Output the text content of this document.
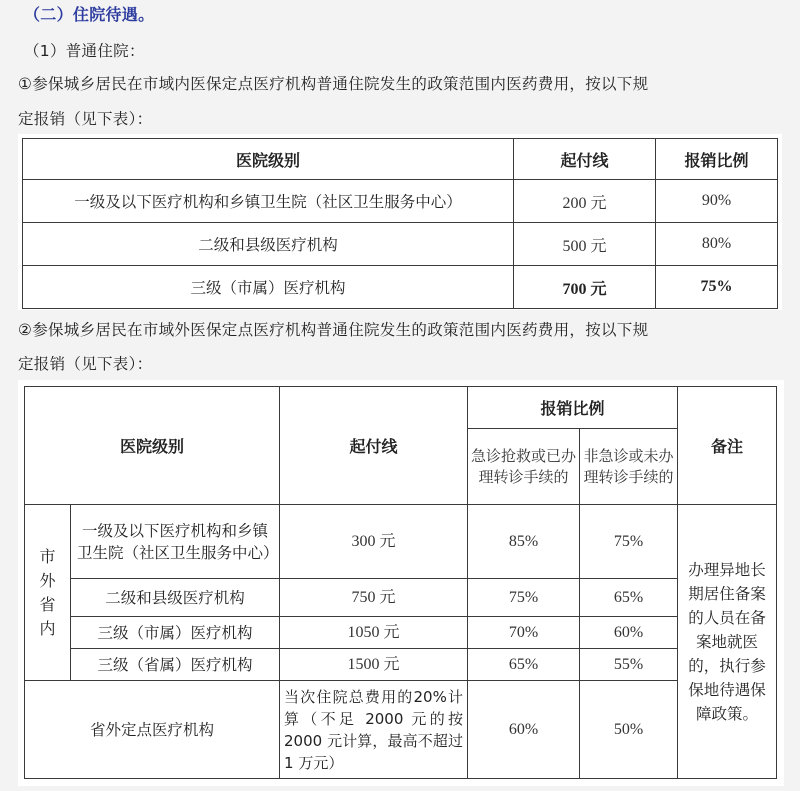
（二）住院待遇。
（1）普通住院：
①参保城乡居民在市域内医保定点医疗机构普通住院发生的政策范围内医药费用，按以下规
定报销（见下表）：
医院级别	起付线	报销比例
一级及以下医疗机构和乡镇卫生院（社区卫生服务中心）	200 元	90%
二级和县级医疗机构	500 元	80%
三级（市属）医疗机构	700 元	75%
②参保城乡居民在市域外医保定点医疗机构普通住院发生的政策范围内医药费用，按以下规
定报销（见下表）：
医院级别		起付线	报销比例		备注
			急诊抢救或已办理转诊手续的	非急诊或未办理转诊手续的	

市外省内	一级及以下医疗机构和乡镇卫生院（社区卫生服务中心）	300 元	85%	75%	办理异地长期居住备案的人员在备案地就医的，执行参保地待遇保障政策。
	二级和县级医疗机构	750 元	75%	65%	
	三级（市属）医疗机构	1050 元	70%	60%	
	三级（省属）医疗机构	1500 元	65%	55%	
省外定点医疗机构		当次住院总费用的20%计算（不足 2000 元的按 2000 元计算，最高不超过 1 万元）	60%	50%	
